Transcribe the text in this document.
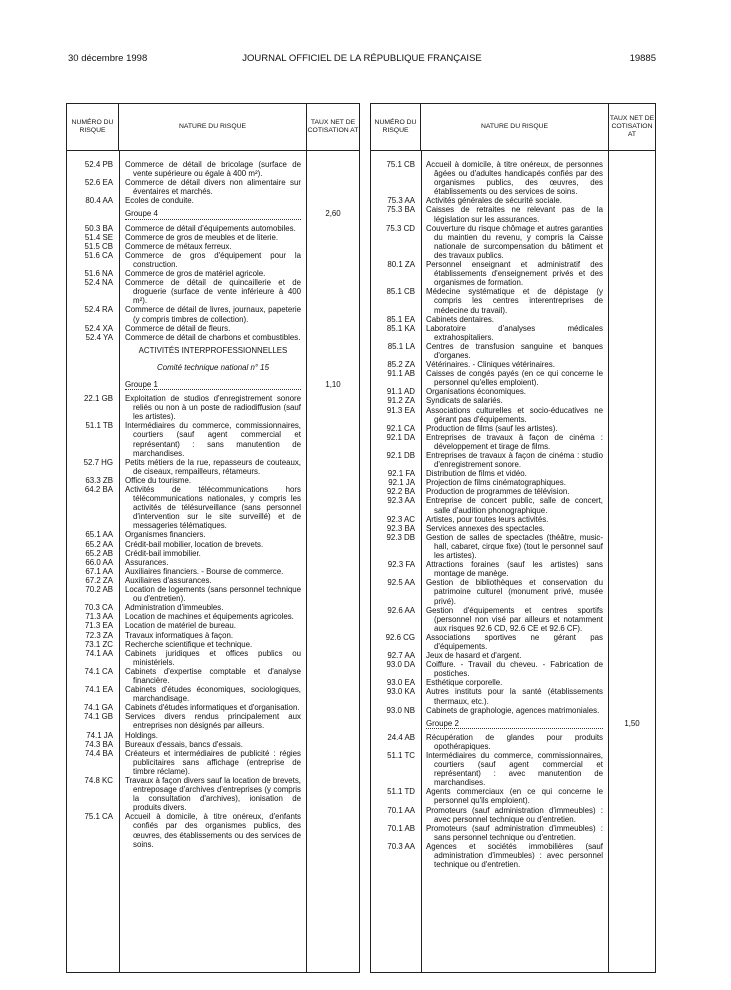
30 décembre 1998	JOURNAL OFFICIEL DE LA RÉPUBLIQUE FRANÇAISE	19885
NUMÉRO DU RISQUE
NATURE DU RISQUE
TAUX NET DE COTISATION AT
52.4 PB Commerce de détail de bricolage (surface de vente supérieure ou égale à 400 m²).
52.6 EA Commerce de détail divers non alimentaire sur éventaires et marchés.
80.4 AA Ecoles de conduite.
Groupe 4	2,60
50.3 BA Commerce de détail d'équipements automobiles.
51.4 SE Commerce de gros de meubles et de literie.
51.5 CB Commerce de métaux ferreux.
51.6 CA Commerce de gros d'équipement pour la construction.
51.6 NA Commerce de gros de matériel agricole.
52.4 NA Commerce de détail de quincaillerie et de droguerie (surface de vente inférieure à 400 m²).
52.4 RA Commerce de détail de livres, journaux, papeterie (y compris timbres de collection).
52.4 XA Commerce de détail de fleurs.
52.4 YA Commerce de détail de charbons et combustibles.
ACTIVITÉS INTERPROFESSIONNELLES
Comité technique national n° 15
Groupe 1	1,10
22.1 GB Exploitation de studios d'enregistrement sonore reliés ou non à un poste de radiodiffusion (sauf les artistes).
51.1 TB Intermédiaires du commerce, commissionnaires, courtiers (sauf agent commercial et représentant) : sans manutention de marchandises.
52.7 HG Petits métiers de la rue, repasseurs de couteaux, de ciseaux, rempailleurs, rétameurs.
63.3 ZB Office du tourisme.
64.2 BA Activités de télécommunications hors télécommunications nationales, y compris les activités de télésurveillance (sans personnel d'intervention sur le site surveillé) et de messageries télématiques.
65.1 AA Organismes financiers.
65.2 AA Crédit-bail mobilier, location de brevets.
65.2 AB Crédit-bail immobilier.
66.0 AA Assurances.
67.1 AA Auxiliaires financiers. - Bourse de commerce.
67.2 ZA Auxiliaires d'assurances.
70.2 AB Location de logements (sans personnel technique ou d'entretien).
70.3 CA Administration d'immeubles.
71.3 AA Location de machines et équipements agricoles.
71.3 EA Location de matériel de bureau.
72.3 ZA Travaux informatiques à façon.
73.1 ZC Recherche scientifique et technique.
74.1 AA Cabinets juridiques et offices publics ou ministériels.
74.1 CA Cabinets d'expertise comptable et d'analyse financière.
74.1 EA Cabinets d'études économiques, sociologiques, marchandisage.
74.1 GA Cabinets d'études informatiques et d'organisation.
74.1 GB Services divers rendus principalement aux entreprises non désignés par ailleurs.
74.1 JA Holdings.
74.3 BA Bureaux d'essais, bancs d'essais.
74.4 BA Créateurs et intermédiaires de publicité : régies publicitaires sans affichage (entreprise de timbre réclame).
74.8 KC Travaux à façon divers sauf la location de brevets, entreposage d'archives d'entreprises (y compris la consultation d'archives), ionisation de produits divers.
75.1 CA Accueil à domicile, à titre onéreux, d'enfants confiés par des organismes publics, des œuvres, des établissements ou des services de soins.
NUMÉRO DU RISQUE
NATURE DU RISQUE
TAUX NET DE COTISATION AT
75.1 CB Accueil à domicile, à titre onéreux, de personnes âgées ou d'adultes handicapés confiés par des organismes publics, des œuvres, des établissements ou des services de soins.
75.3 AA Activités générales de sécurité sociale.
75.3 BA Caisses de retraites ne relevant pas de la législation sur les assurances.
75.3 CD Couverture du risque chômage et autres garanties du maintien du revenu, y compris la Caisse nationale de surcompensation du bâtiment et des travaux publics.
80.1 ZA Personnel enseignant et administratif des établissements d'enseignement privés et des organismes de formation.
85.1 CB Médecine systématique et de dépistage (y compris les centres interentreprises de médecine du travail).
85.1 EA Cabinets dentaires.
85.1 KA Laboratoire d'analyses médicales extrahospitaliers.
85.1 LA Centres de transfusion sanguine et banques d'organes.
85.2 ZA Vétérinaires. - Cliniques vétérinaires.
91.1 AB Caisses de congés payés (en ce qui concerne le personnel qu'elles emploient).
91.1 AD Organisations économiques.
91.2 ZA Syndicats de salariés.
91.3 EA Associations culturelles et socio-éducatives ne gérant pas d'équipements.
92.1 CA Production de films (sauf les artistes).
92.1 DA Entreprises de travaux à façon de cinéma : développement et tirage de films.
92.1 DB Entreprises de travaux à façon de cinéma : studio d'enregistrement sonore.
92.1 FA Distribution de films et vidéo.
92.1 JA Projection de films cinématographiques.
92.2 BA Production de programmes de télévision.
92.3 AA Entreprise de concert public, salle de concert, salle d'audition phonographique.
92.3 AC Artistes, pour toutes leurs activités.
92.3 BA Services annexes des spectacles.
92.3 DB Gestion de salles de spectacles (théâtre, music-hall, cabaret, cirque fixe) (tout le personnel sauf les artistes).
92.3 FA Attractions foraines (sauf les artistes) sans montage de manège.
92.5 AA Gestion de bibliothèques et conservation du patrimoine culturel (monument privé, musée privé).
92.6 AA Gestion d'équipements et centres sportifs (personnel non visé par ailleurs et notamment aux risques 92.6 CD, 92.6 CE et 92.6 CF).
92.6 CG Associations sportives ne gérant pas d'équipements.
92.7 AA Jeux de hasard et d'argent.
93.0 DA Coiffure. - Travail du cheveu. - Fabrication de postiches.
93.0 EA Esthétique corporelle.
93.0 KA Autres instituts pour la santé (établissements thermaux, etc.).
93.0 NB Cabinets de graphologie, agences matrimoniales.
Groupe 2	1,50
24.4 AB Récupération de glandes pour produits opothérapiques.
51.1 TC Intermédiaires du commerce, commissionnaires, courtiers (sauf agent commercial et représentant) : avec manutention de marchandises.
51.1 TD Agents commerciaux (en ce qui concerne le personnel qu'ils emploient).
70.1 AA Promoteurs (sauf administration d'immeubles) : avec personnel technique ou d'entretien.
70.1 AB Promoteurs (sauf administration d'immeubles) : sans personnel technique ou d'entretien.
70.3 AA Agences et sociétés immobilières (sauf administration d'immeubles) : avec personnel technique ou d'entretien.
